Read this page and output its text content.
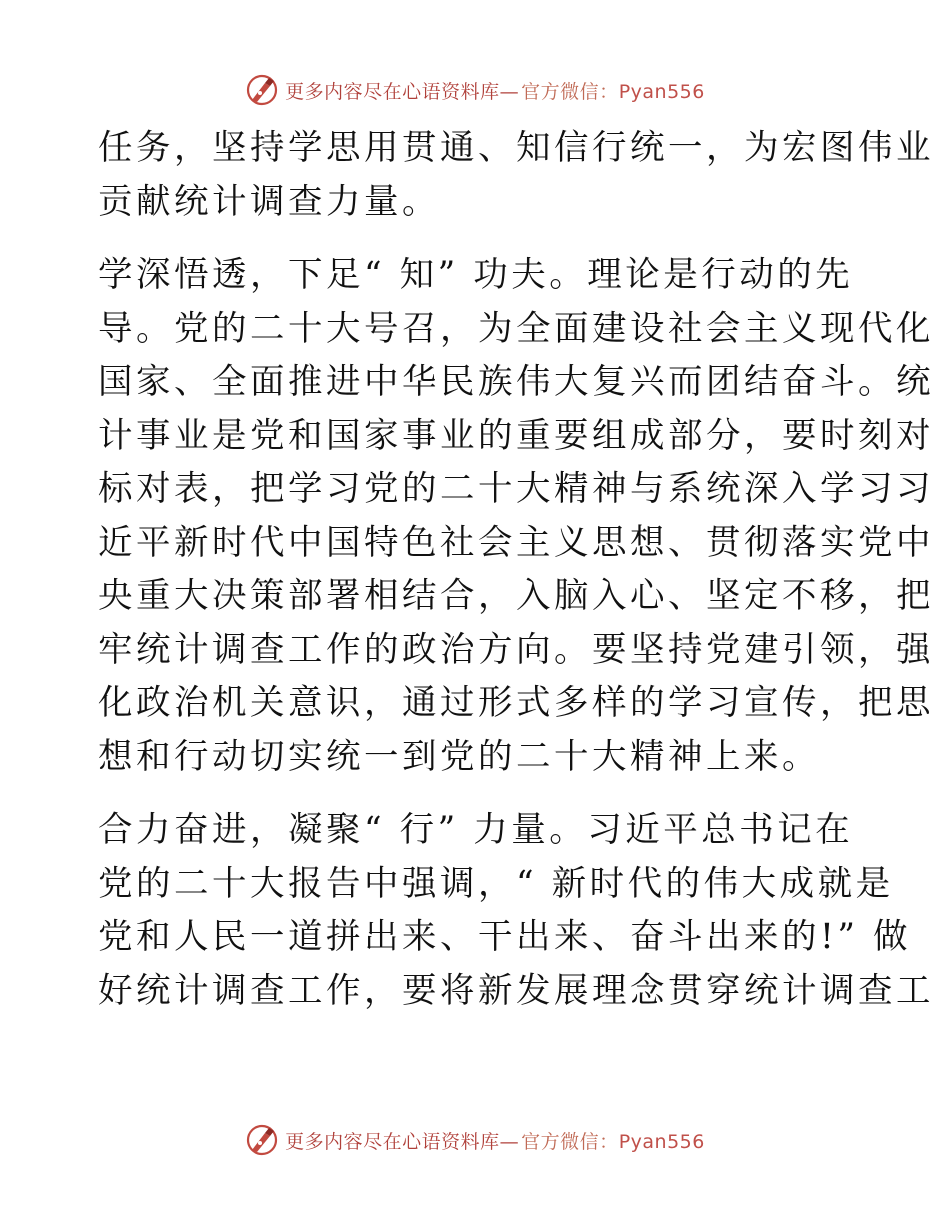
更多内容尽在心语资料库— 官方微信：Pyan556

任务，坚持学思用贯通、知信行统一，为宏图伟业
贡献统计调查力量。

学深悟透，下足“ 知” 功夫。理论是行动的先
导。党的二十大号召，为全面建设社会主义现代化
国家、全面推进中华民族伟大复兴而团结奋斗。统
计事业是党和国家事业的重要组成部分，要时刻对
标对表，把学习党的二十大精神与系统深入学习习
近平新时代中国特色社会主义思想、贯彻落实党中
央重大决策部署相结合，入脑入心、坚定不移，把
牢统计调查工作的政治方向。要坚持党建引领，强
化政治机关意识，通过形式多样的学习宣传，把思
想和行动切实统一到党的二十大精神上来。

合力奋进，凝聚“ 行” 力量。习近平总书记在
党的二十大报告中强调，“ 新时代的伟大成就是
党和人民一道拼出来、干出来、奋斗出来的!” 做
好统计调查工作，要将新发展理念贯穿统计调查工

更多内容尽在心语资料库— 官方微信：Pyan556
